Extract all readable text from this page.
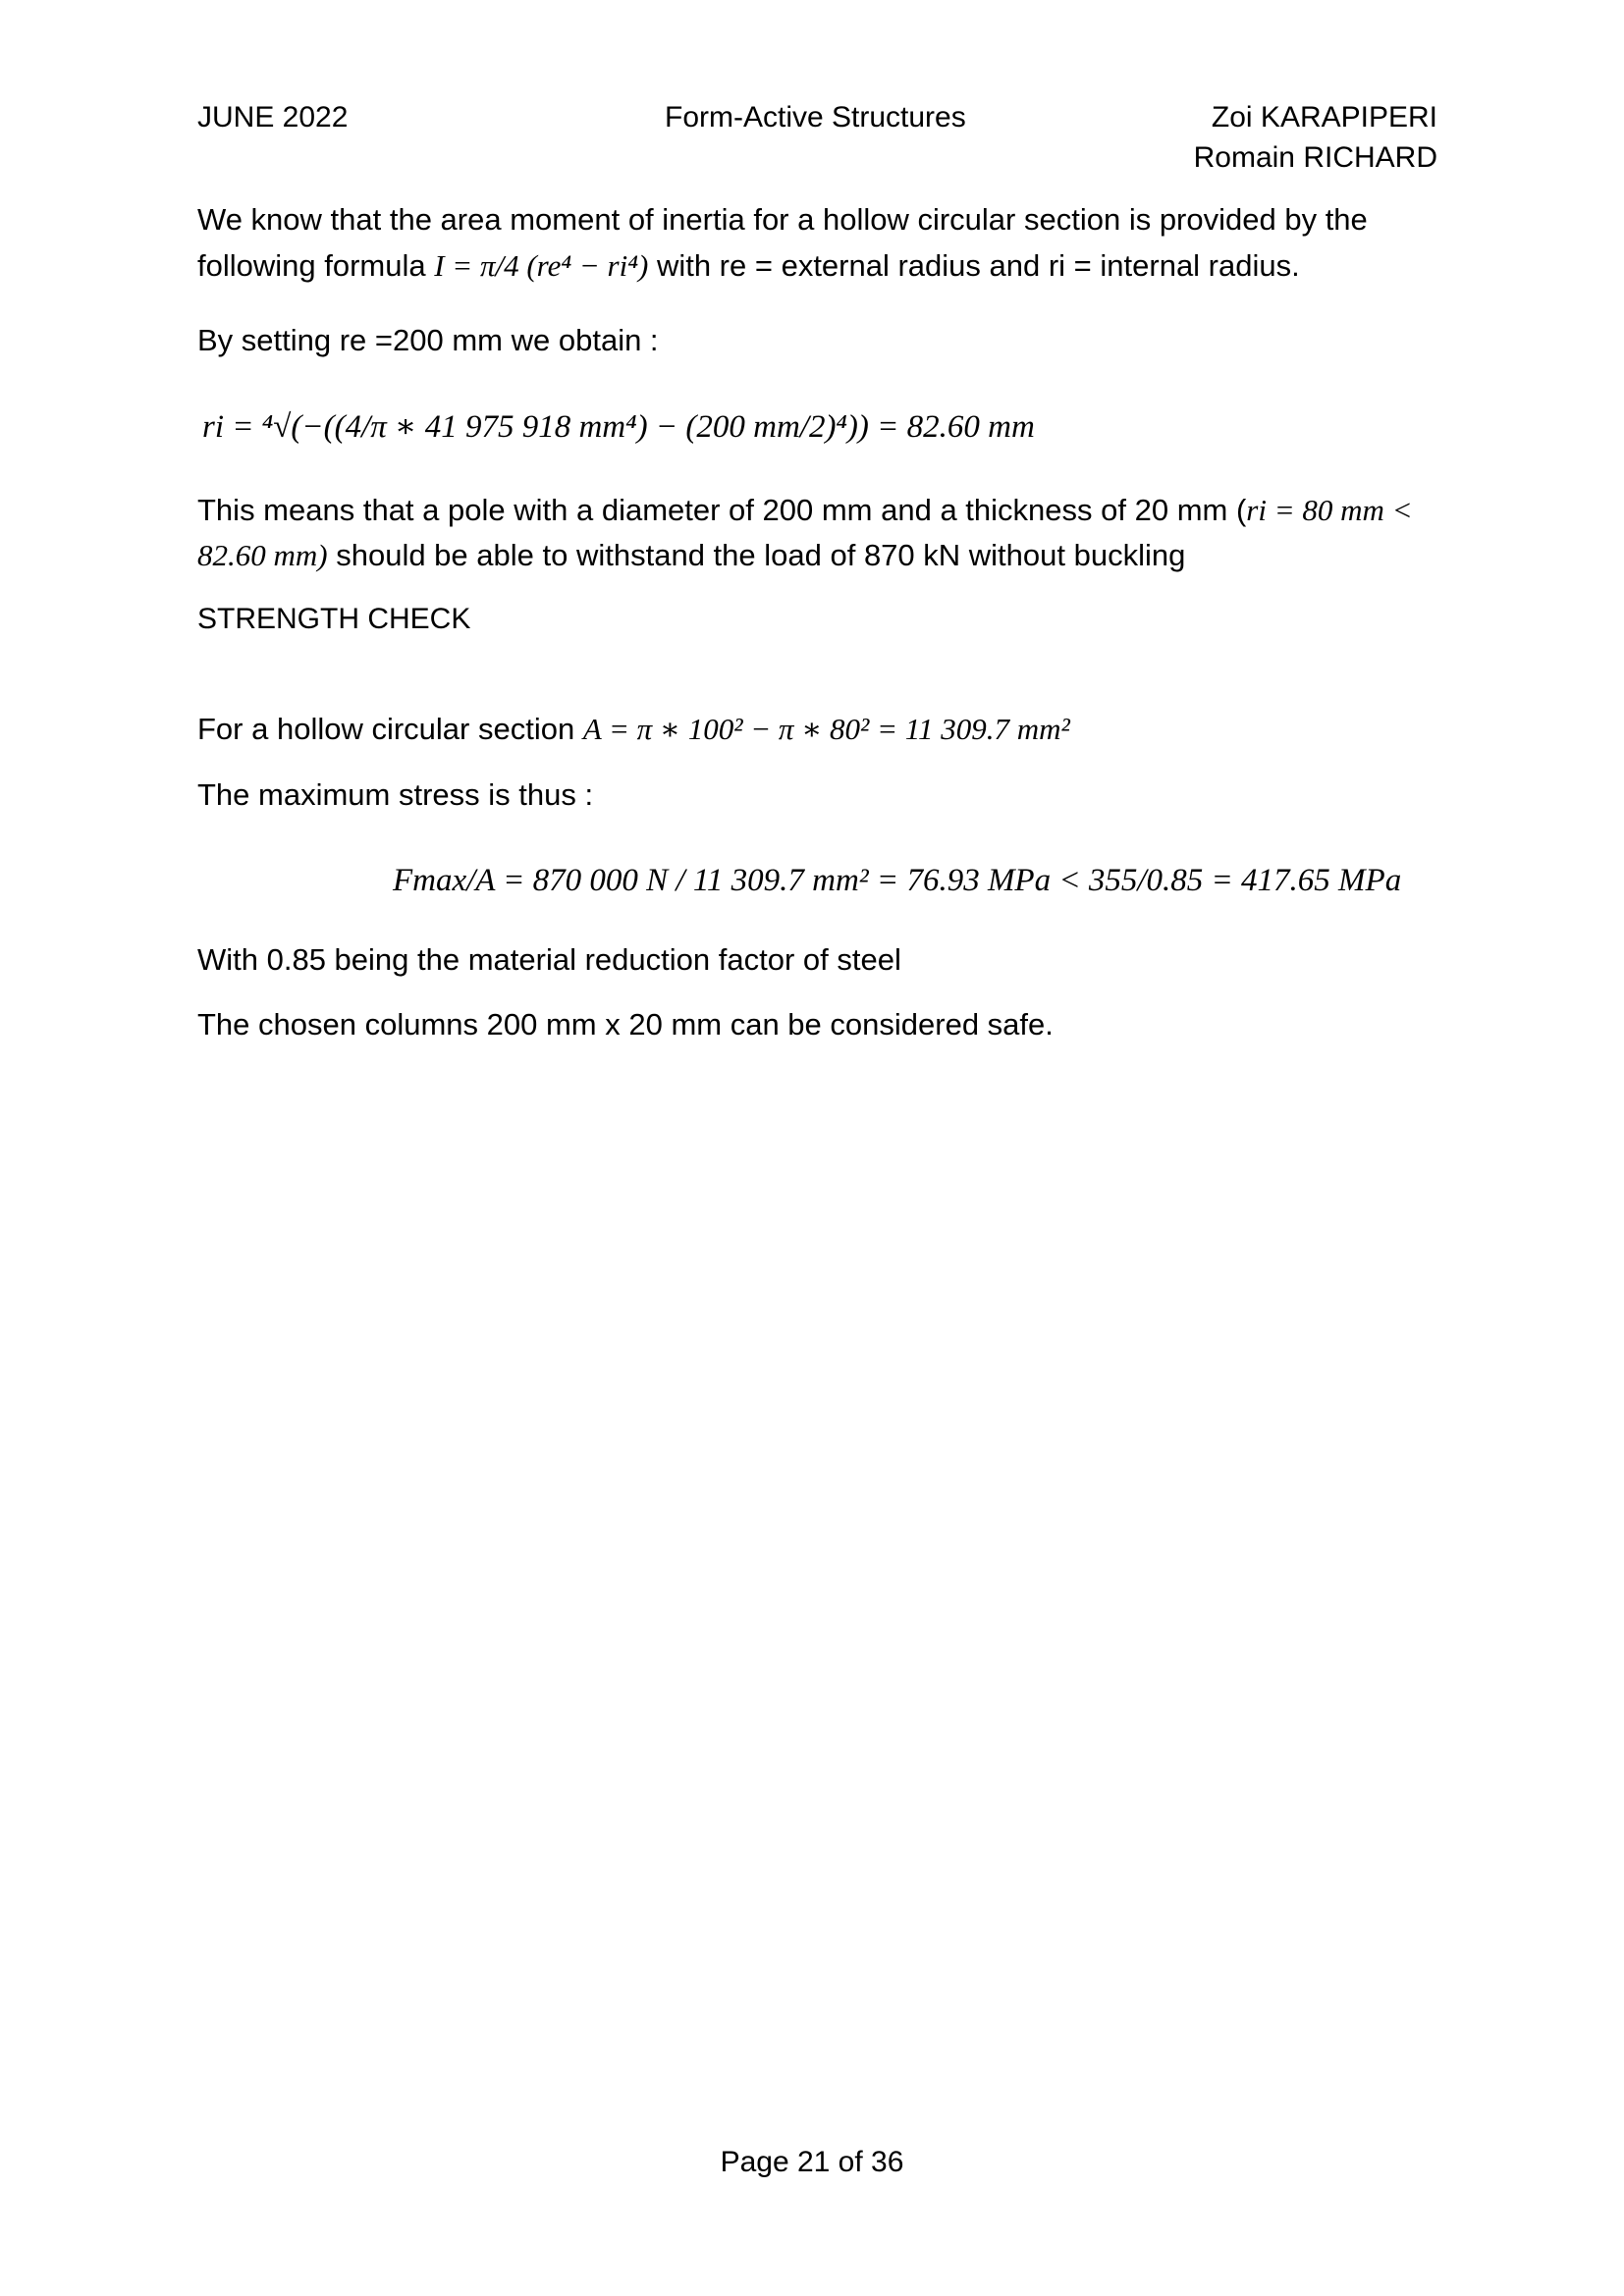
JUNE 2022	Form-Active Structures	Zoi KARAPIPERI
Romain RICHARD
We know that the area moment of inertia for a hollow circular section is provided by the
following formula I = π/4 (re⁴ − ri⁴) with re = external radius and ri = internal radius.
By setting re =200 mm we obtain :
ri = ⁴√(−((4/π ∗ 41 975 918 mm⁴) − (200 mm/2)⁴)) = 82.60 mm
This means that a pole with a diameter of 200 mm and a thickness of 20 mm (ri = 80 mm <
82.60 mm) should be able to withstand the load of 870 kN without buckling
STRENGTH CHECK
For a hollow circular section A = π ∗ 100² − π ∗ 80² = 11 309.7 mm²
The maximum stress is thus :
Fmax/A = 870 000 N / 11 309.7 mm² = 76.93 MPa < 355/0.85 = 417.65 MPa
With 0.85 being the material reduction factor of steel
The chosen columns 200 mm x 20 mm can be considered safe.
Page 21 of 36
